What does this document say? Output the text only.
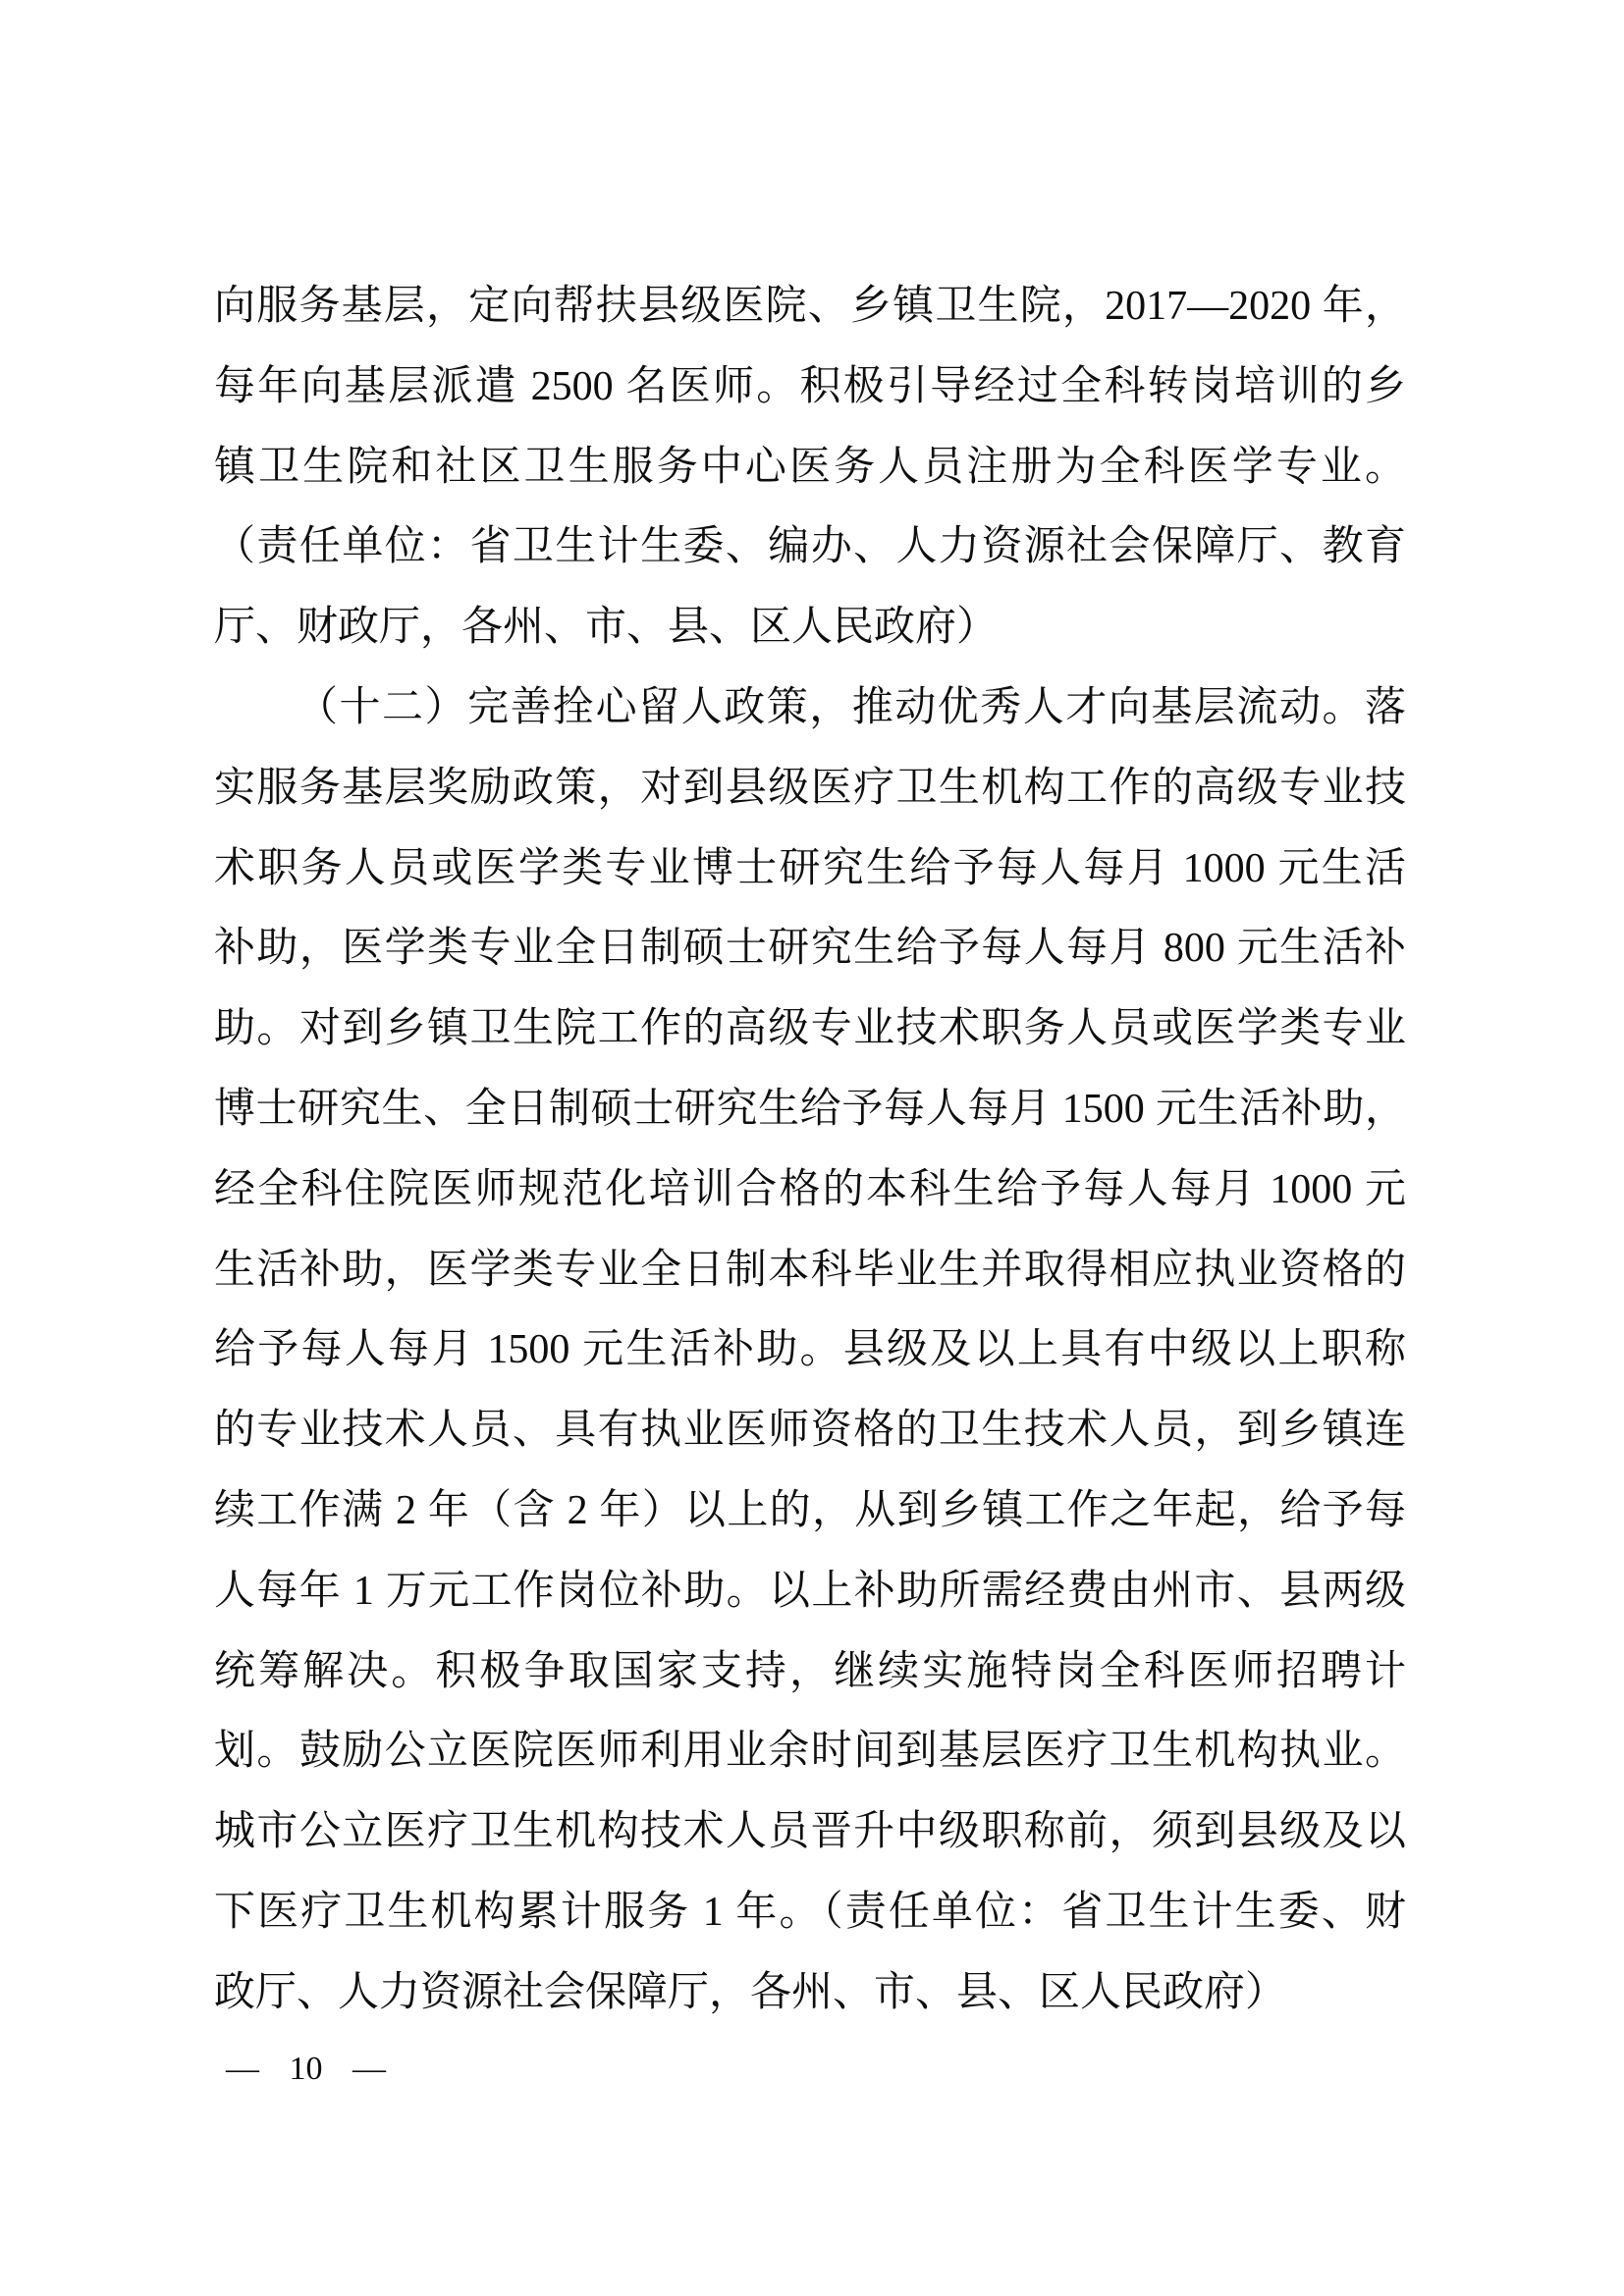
向服务基层，定向帮扶县级医院、乡镇卫生院，2017—2020 年，
每年向基层派遣 2500 名医师。积极引导经过全科转岗培训的乡
镇卫生院和社区卫生服务中心医务人员注册为全科医学专业。
（责任单位：省卫生计生委、编办、人力资源社会保障厅、教育
厅、财政厅，各州、市、县、区人民政府）
（十二）完善拴心留人政策，推动优秀人才向基层流动。落
实服务基层奖励政策，对到县级医疗卫生机构工作的高级专业技
术职务人员或医学类专业博士研究生给予每人每月 1000 元生活
补助，医学类专业全日制硕士研究生给予每人每月 800 元生活补
助。对到乡镇卫生院工作的高级专业技术职务人员或医学类专业
博士研究生、全日制硕士研究生给予每人每月 1500 元生活补助，
经全科住院医师规范化培训合格的本科生给予每人每月 1000 元
生活补助，医学类专业全日制本科毕业生并取得相应执业资格的
给予每人每月 1500 元生活补助。县级及以上具有中级以上职称
的专业技术人员、具有执业医师资格的卫生技术人员，到乡镇连
续工作满 2 年（含 2 年）以上的，从到乡镇工作之年起，给予每
人每年 1 万元工作岗位补助。以上补助所需经费由州市、县两级
统筹解决。积极争取国家支持，继续实施特岗全科医师招聘计
划。鼓励公立医院医师利用业余时间到基层医疗卫生机构执业。
城市公立医疗卫生机构技术人员晋升中级职称前，须到县级及以
下医疗卫生机构累计服务 1 年。（责任单位：省卫生计生委、财
政厅、人力资源社会保障厅，各州、市、县、区人民政府）
— 10 —
